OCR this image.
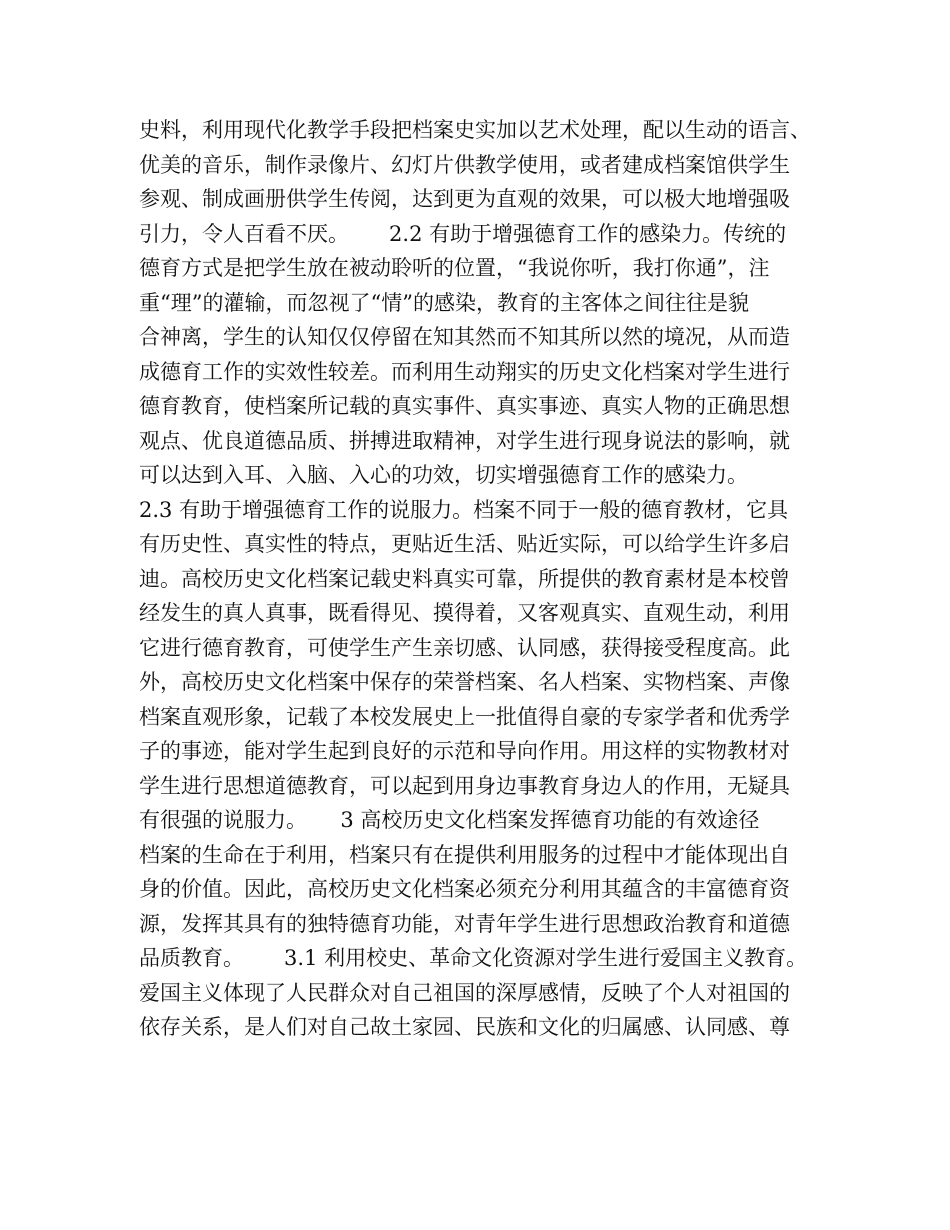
史料，利用现代化教学手段把档案史实加以艺术处理，配以生动的语言、
优美的音乐，制作录像片、幻灯片供教学使用，或者建成档案馆供学生
参观、制成画册供学生传阅，达到更为直观的效果，可以极大地增强吸
引力，令人百看不厌。      2.2 有助于增强德育工作的感染力。传统的
德育方式是把学生放在被动聆听的位置，“我说你听，我打你通”，注
重“理”的灌输，而忽视了“情”的感染，教育的主客体之间往往是貌
合神离，学生的认知仅仅停留在知其然而不知其所以然的境况，从而造
成德育工作的实效性较差。而利用生动翔实的历史文化档案对学生进行
德育教育，使档案所记载的真实事件、真实事迹、真实人物的正确思想
观点、优良道德品质、拼搏进取精神，对学生进行现身说法的影响，就
可以达到入耳、入脑、入心的功效，切实增强德育工作的感染力。
2.3 有助于增强德育工作的说服力。档案不同于一般的德育教材，它具
有历史性、真实性的特点，更贴近生活、贴近实际，可以给学生许多启
迪。高校历史文化档案记载史料真实可靠，所提供的教育素材是本校曾
经发生的真人真事，既看得见、摸得着，又客观真实、直观生动，利用
它进行德育教育，可使学生产生亲切感、认同感，获得接受程度高。此
外，高校历史文化档案中保存的荣誉档案、名人档案、实物档案、声像
档案直观形象，记载了本校发展史上一批值得自豪的专家学者和优秀学
子的事迹，能对学生起到良好的示范和导向作用。用这样的实物教材对
学生进行思想道德教育，可以起到用身边事教育身边人的作用，无疑具
有很强的说服力。     3 高校历史文化档案发挥德育功能的有效途径
档案的生命在于利用，档案只有在提供利用服务的过程中才能体现出自
身的价值。因此，高校历史文化档案必须充分利用其蕴含的丰富德育资
源，发挥其具有的独特德育功能，对青年学生进行思想政治教育和道德
品质教育。      3.1 利用校史、革命文化资源对学生进行爱国主义教育。
爱国主义体现了人民群众对自己祖国的深厚感情，反映了个人对祖国的
依存关系，是人们对自己故土家园、民族和文化的归属感、认同感、尊
